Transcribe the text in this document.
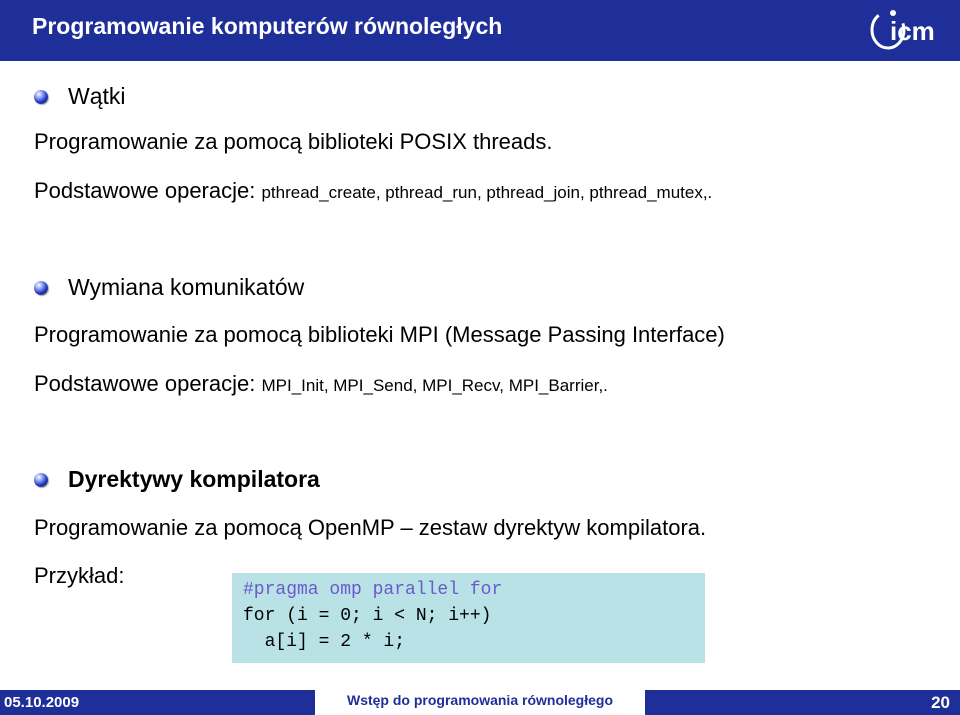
Programowanie komputerów równoległych	icm
Wątki
Programowanie za pomocą biblioteki POSIX threads.
Podstawowe operacje: pthread_create, pthread_run, pthread_join, pthread_mutex,.
Wymiana komunikatów
Programowanie za pomocą biblioteki MPI (Message Passing Interface)
Podstawowe operacje: MPI_Init, MPI_Send, MPI_Recv, MPI_Barrier,.
Dyrektywy kompilatora
Programowanie za pomocą OpenMP – zestaw dyrektyw kompilatora.
Przykład:
#pragma omp parallel for
for (i = 0; i < N; i++)
a[i] = 2 * i;
05.10.2009	Wstęp do programowania równoległego	20
